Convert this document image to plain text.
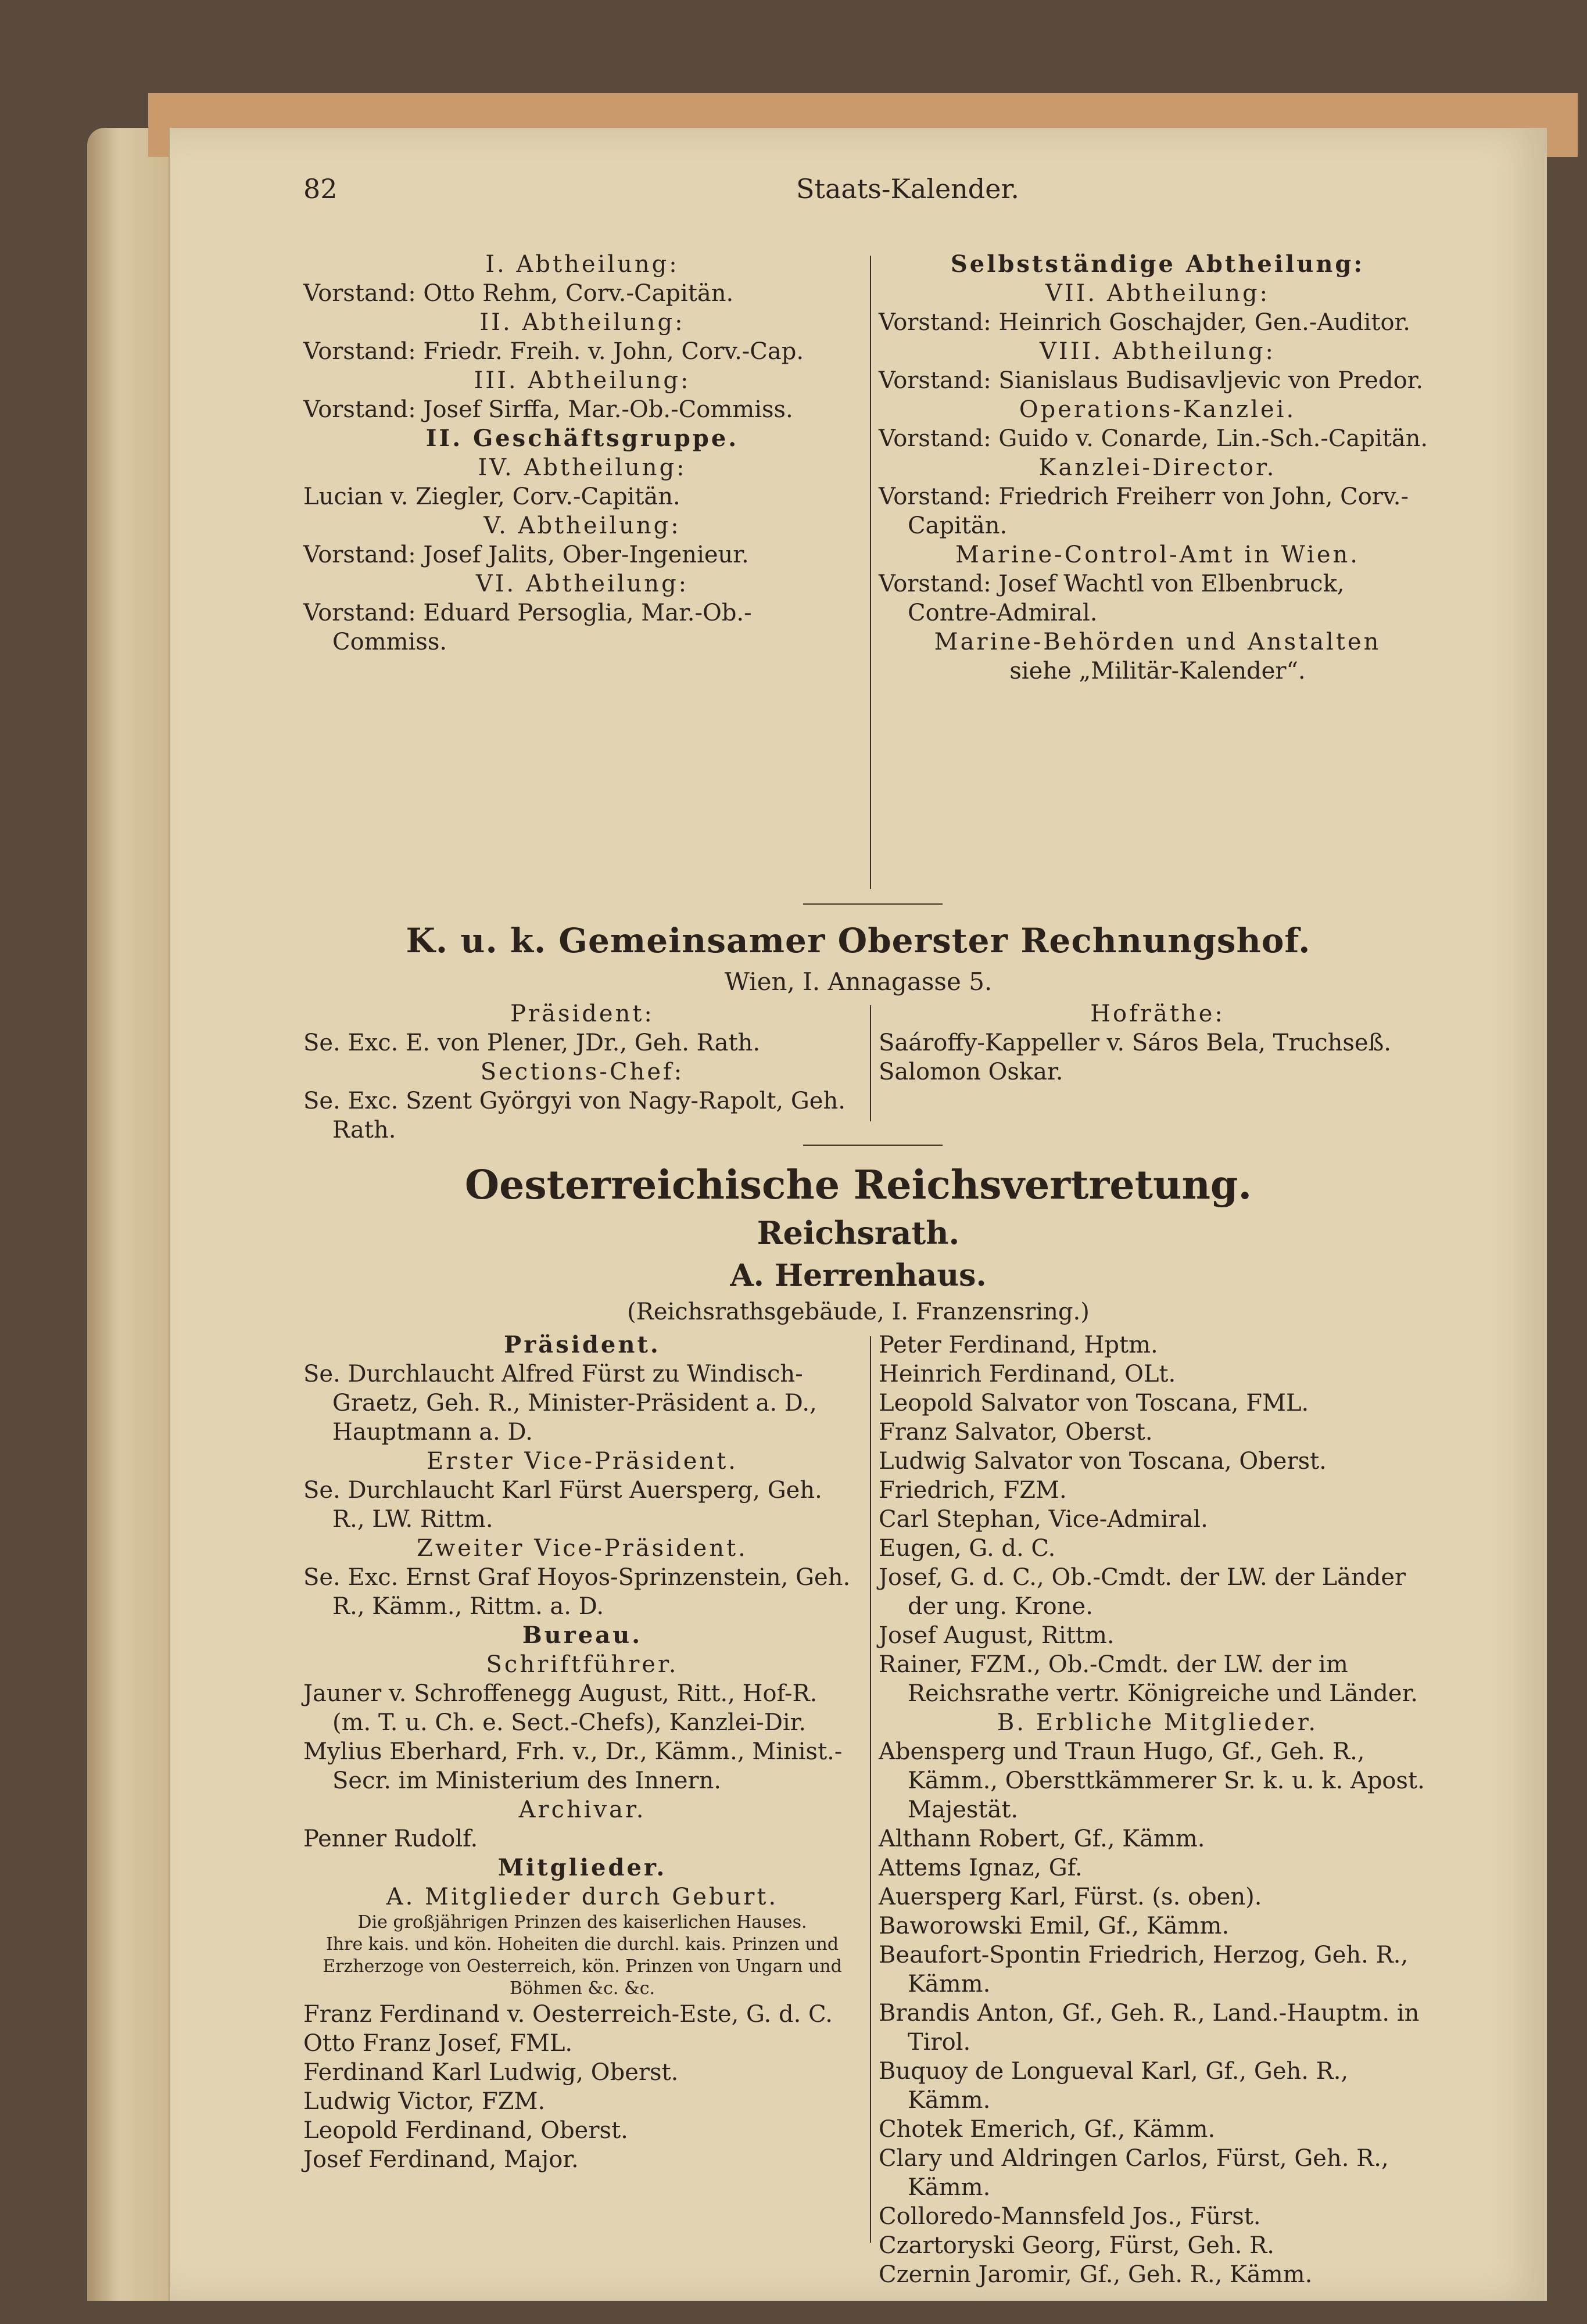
82	Staats-Kalender.

I. Abtheilung:

Vorstand: Otto Rehm, Corv.-Capitän.

II. Abtheilung:

Vorstand: Friedr. Freih. v. John, Corv.-Cap.

III. Abtheilung:

Vorstand: Josef Sirffa, Mar.-Ob.-Commiss.

II. Geschäftsgruppe.

IV. Abtheilung:

Lucian v. Ziegler, Corv.-Capitän.

V. Abtheilung:

Vorstand: Josef Jalits, Ober-Ingenieur.

VI. Abtheilung:

Vorstand: Eduard Persoglia, Mar.-Ob.-Commiss.

Selbstständige Abtheilung:

VII. Abtheilung:

Vorstand: Heinrich Goschajder, Gen.-Auditor.

VIII. Abtheilung:

Vorstand: Sianislaus Budisavljevic von Predor.

Operations-Kanzlei.

Vorstand: Guido v. Conarde, Lin.-Sch.-Capitän.

Kanzlei-Director.

Vorstand: Friedrich Freiherr von John, Corv.-Capitän.

Marine-Control-Amt in Wien.

Vorstand: Josef Wachtl von Elbenbruck, Contre-Admiral.

Marine-Behörden und Anstalten

siehe „Militär-Kalender“.

K. u. k. Gemeinsamer Oberster Rechnungshof.
Wien, I. Annagasse 5.

Präsident:

Se. Exc. E. von Plener, JDr., Geh. Rath.

Sections-Chef:

Se. Exc. Szent Györgyi von Nagy-Rapolt, Geh. Rath.

Hofräthe:

Saároffy-Kappeller v. Sáros Bela, Truchseß.

Salomon Oskar.

Oesterreichische Reichsvertretung.
Reichsrath.
A. Herrenhaus.
(Reichsrathsgebäude, I. Franzensring.)

Präsident.

Se. Durchlaucht Alfred Fürst zu Windisch-Graetz, Geh. R., Minister-Präsident a. D., Hauptmann a. D.

Erster Vice-Präsident.

Se. Durchlaucht Karl Fürst Auersperg, Geh. R., LW. Rittm.

Zweiter Vice-Präsident.

Se. Exc. Ernst Graf Hoyos-Sprinzenstein, Geh. R., Kämm., Rittm. a. D.

Bureau.

Schriftführer.

Jauner v. Schroffenegg August, Ritt., Hof-R. (m. T. u. Ch. e. Sect.-Chefs), Kanzlei-Dir.

Mylius Eberhard, Frh. v., Dr., Kämm., Minist.-Secr. im Ministerium des Innern.

Archivar.

Penner Rudolf.

Mitglieder.

A. Mitglieder durch Geburt.

Die großjährigen Prinzen des kaiserlichen Hauses.

Ihre kais. und kön. Hoheiten die durchl. kais. Prinzen und Erzherzoge von Oesterreich, kön. Prinzen von Ungarn und Böhmen &c. &c.

Franz Ferdinand v. Oesterreich-Este, G. d. C.

Otto Franz Josef, FML.

Ferdinand Karl Ludwig, Oberst.

Ludwig Victor, FZM.

Leopold Ferdinand, Oberst.

Josef Ferdinand, Major.

Peter Ferdinand, Hptm.

Heinrich Ferdinand, OLt.

Leopold Salvator von Toscana, FML.

Franz Salvator, Oberst.

Ludwig Salvator von Toscana, Oberst.

Friedrich, FZM.

Carl Stephan, Vice-Admiral.

Eugen, G. d. C.

Josef, G. d. C., Ob.-Cmdt. der LW. der Länder der ung. Krone.

Josef August, Rittm.

Rainer, FZM., Ob.-Cmdt. der LW. der im Reichsrathe vertr. Königreiche und Länder.

B. Erbliche Mitglieder.

Abensperg und Traun Hugo, Gf., Geh. R., Kämm., Obersttkämmerer Sr. k. u. k. Apost. Majestät.

Althann Robert, Gf., Kämm.

Attems Ignaz, Gf.

Auersperg Karl, Fürst. (s. oben).

Baworowski Emil, Gf., Kämm.

Beaufort-Spontin Friedrich, Herzog, Geh. R., Kämm.

Brandis Anton, Gf., Geh. R., Land.-Hauptm. in Tirol.

Buquoy de Longueval Karl, Gf., Geh. R., Kämm.

Chotek Emerich, Gf., Kämm.

Clary und Aldringen Carlos, Fürst, Geh. R., Kämm.

Colloredo-Mannsfeld Jos., Fürst.

Czartoryski Georg, Fürst, Geh. R.

Czernin Jaromir, Gf., Geh. R., Kämm.
